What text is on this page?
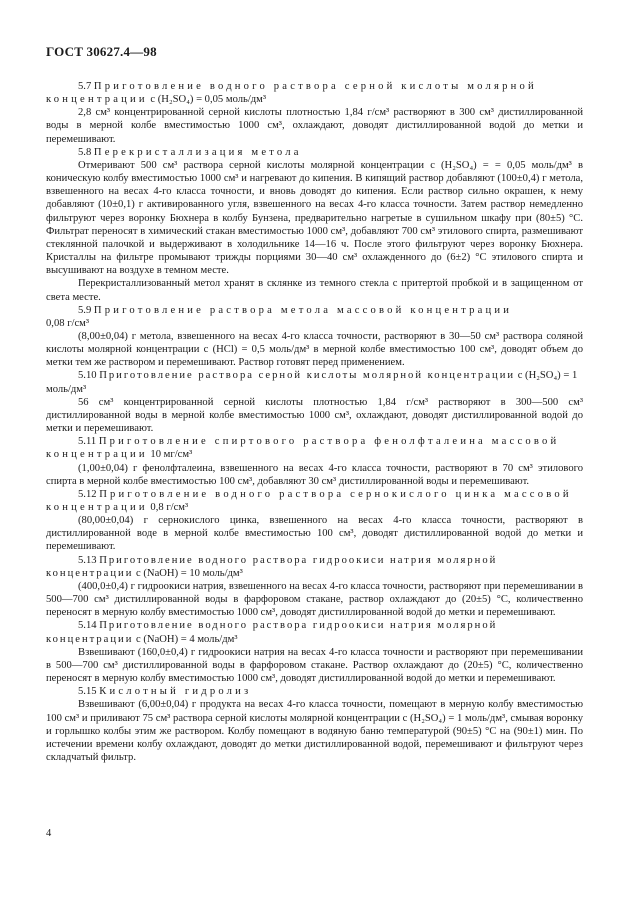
ГОСТ 30627.4—98

5.7 Приготовление водного раствора серной кислоты молярной концентрации c (H₂SO₄) = 0,05 моль/дм³

2,8 см³ концентрированной серной кислоты плотностью 1,84 г/см³ растворяют в 300 см³ дистиллированной воды в мерной колбе вместимостью 1000 см³, охлаждают, доводят дистиллированной водой до метки и перемешивают.

5.8 Перекристаллизация метола

Отмеривают 500 см³ раствора серной кислоты молярной концентрации c (H₂SO₄) = = 0,05 моль/дм³ в коническую колбу вместимостью 1000 см³ и нагревают до кипения. В кипящий раствор добавляют (100±0,4) г метола, взвешенного на весах 4-го класса точности, и вновь доводят до кипения. Если раствор сильно окрашен, к нему добавляют (10±0,1) г активированного угля, взвешенного на весах 4-го класса точности. Затем раствор немедленно фильтруют через воронку Бюхнера в колбу Бунзена, предварительно нагретые в сушильном шкафу при (80±5) °С. Фильтрат переносят в химический стакан вместимостью 1000 см³, добавляют 700 см³ этилового спирта, размешивают стеклянной палочкой и выдерживают в холодильнике 14—16 ч. После этого фильтруют через воронку Бюхнера. Кристаллы на фильтре промывают трижды порциями 30—40 см³ охлажденного до (6±2) °С этилового спирта и высушивают на воздухе в темном месте.

Перекристаллизованный метол хранят в склянке из темного стекла с притертой пробкой и в защищенном от света месте.

5.9 Приготовление раствора метола массовой концентрации
0,08 г/см³

(8,00±0,04) г метола, взвешенного на весах 4-го класса точности, растворяют в 30—50 см³ раствора соляной кислоты молярной концентрации c (HCl) = 0,5 моль/дм³ в мерной колбе вместимостью 100 см³, доводят объем до метки тем же раствором и перемешивают. Раствор готовят перед применением.

5.10 Приготовление раствора серной кислоты молярной концентрации c (H₂SO₄) = 1 моль/дм³

56 см³ концентрированной серной кислоты плотностью 1,84 г/см³ растворяют в 300—500 см³ дистиллированной воды в мерной колбе вместимостью 1000 см³, охлаждают, доводят дистиллированной водой до метки и перемешивают.

5.11 Приготовление спиртового раствора фенолфталеина массовой концентрации 10 мг/см³

(1,00±0,04) г фенолфталеина, взвешенного на весах 4-го класса точности, растворяют в 70 см³ этилового спирта в мерной колбе вместимостью 100 см³, добавляют 30 см³ дистиллированной воды и перемешивают.

5.12 Приготовление водного раствора сернокислого цинка массовой концентрации 0,8 г/см³

(80,00±0,04) г сернокислого цинка, взвешенного на весах 4-го класса точности, растворяют в дистиллированной воде в мерной колбе вместимостью 100 см³, доводят дистиллированной водой до метки и перемешивают.

5.13 Приготовление водного раствора гидроокиси натрия молярной концентрации c (NaOH) = 10 моль/дм³

(400,0±0,4) г гидроокиси натрия, взвешенного на весах 4-го класса точности, растворяют при перемешивании в 500—700 см³ дистиллированной воды в фарфоровом стакане, раствор охлаждают до (20±5) °С, количественно переносят в мерную колбу вместимостью 1000 см³, доводят дистиллированной водой до метки и перемешивают.

5.14 Приготовление водного раствора гидроокиси натрия молярной концентрации c (NaOH) = 4 моль/дм³

Взвешивают (160,0±0,4) г гидроокиси натрия на весах 4-го класса точности и растворяют при перемешивании в 500—700 см³ дистиллированной воды в фарфоровом стакане. Раствор охлаждают до (20±5) °С, количественно переносят в мерную колбу вместимостью 1000 см³, доводят дистиллированной водой до метки и перемешивают.

5.15 Кислотный гидролиз

Взвешивают (6,00±0,04) г продукта на весах 4-го класса точности, помещают в мерную колбу вместимостью 100 см³ и приливают 75 см³ раствора серной кислоты молярной концентрации c (H₂SO₄) = 1 моль/дм³, смывая воронку и горлышко колбы этим же раствором. Колбу помещают в водяную баню температурой (90±5) °С на (90±1) мин. По истечении времени колбу охлаждают, доводят до метки дистиллированной водой, перемешивают и фильтруют через складчатый фильтр.

4
